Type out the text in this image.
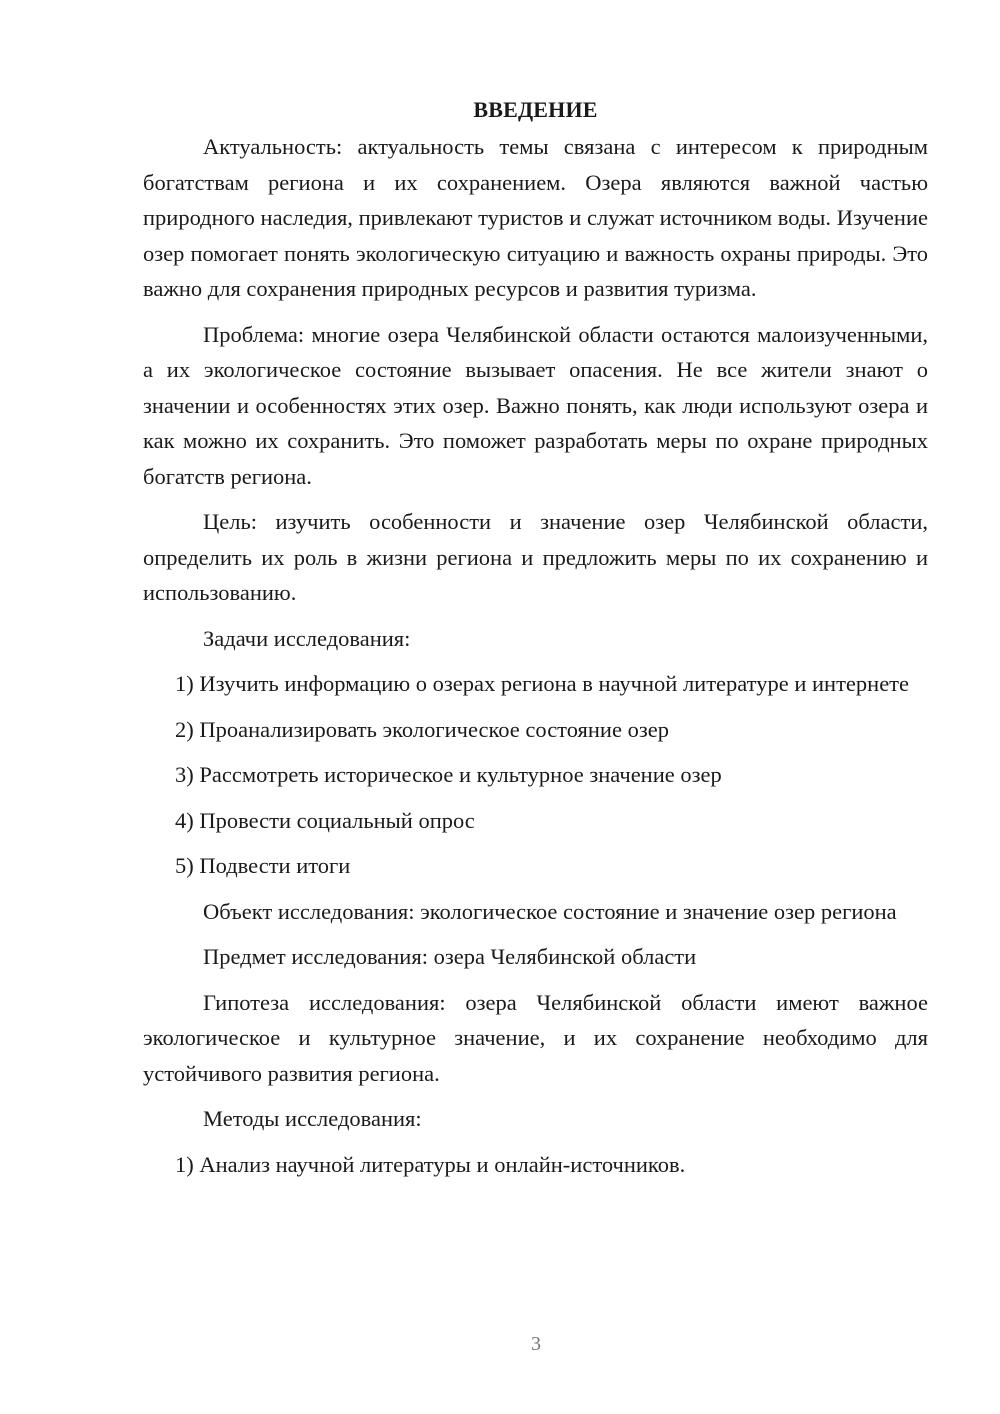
ВВЕДЕНИЕ

Актуальность: актуальность темы связана с интересом к природным богатствам региона и их сохранением. Озера являются важной частью природного наследия, привлекают туристов и служат источником воды. Изучение озер помогает понять экологическую ситуацию и важность охраны природы. Это важно для сохранения природных ресурсов и развития туризма.

Проблема: многие озера Челябинской области остаются малоизученными, а их экологическое состояние вызывает опасения. Не все жители знают о значении и особенностях этих озер. Важно понять, как люди используют озера и как можно их сохранить. Это поможет разработать меры по охране природных богатств региона.

Цель: изучить особенности и значение озер Челябинской области, определить их роль в жизни региона и предложить меры по их сохранению и использованию.

Задачи исследования:

1) Изучить информацию о озерах региона в научной литературе и интернете

2) Проанализировать экологическое состояние озер

3) Рассмотреть историческое и культурное значение озер

4) Провести социальный опрос

5) Подвести итоги

Объект исследования: экологическое состояние и значение озер региона

Предмет исследования: озера Челябинской области

Гипотеза исследования: озера Челябинской области имеют важное экологическое и культурное значение, и их сохранение необходимо для устойчивого развития региона.

Методы исследования:

1) Анализ научной литературы и онлайн-источников.

3
